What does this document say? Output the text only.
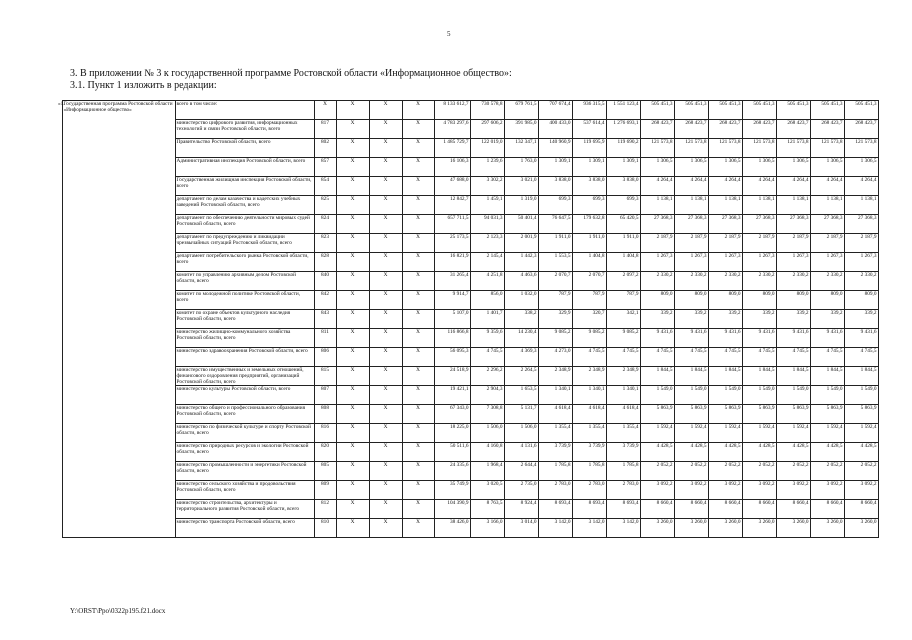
5
3. В приложении № 3 к государственной программе Ростовской области «Информационное общество»:
3.1. Пункт 1 изложить в редакции:
«1.	Государственная программа Ростовской области «Информационное общество»	всего в том числе:	X	X	X	X	8 133 612,7	730 578,8	679 761,5	707 674,4	936 315,5	1 551 123,4	505 451,3	505 451,3	505 451,3	505 451,3	505 451,3	505 451,3	505 451,3
		министерство цифрового развития, информационных технологий и связи Ростовской области, всего	817	X	X	X	4 783 297,6	297 606,2	391 985,0	400 433,0	537 614,4	1 276 693,1	268 423,7	268 423,7	268 423,7	268 423,7	268 423,7	268 423,7	268 423,7
		Правительство Ростовской области, всего	802	X	X	X	1 485 729,7	122 019,0	132 347,1	140 960,9	119 695,9	119 690,2	121 573,8	121 573,8	121 573,8	121 573,8	121 573,8	121 573,8	121 573,8
		Административная инспекция Ростовской области, всего	857	X	X	X	16 106,3	1 239,6	1 763,0	1 309,1	1 309,1	1 309,1	1 306,5	1 306,5	1 306,5	1 306,5	1 306,5	1 306,5	1 306,5
		Государственная жилищная инспекция Ростовской области, всего	854	X	X	X	47 688,0	3 302,2	3 021,0	3 838,0	3 838,0	3 838,0	4 264,4	4 264,4	4 264,4	4 264,4	4 264,4	4 264,4	4 264,4
		департамент по делам казачества и кадетских учебных заведений Ростовской области, всего	825	X	X	X	12 842,7	1 459,1	1 319,0	699,3	699,3	699,3	1 138,1	1 138,1	1 138,1	1 138,1	1 138,1	1 138,1	1 138,1
		департамент по обеспечению деятельности мировых судей Ростовской области, всего	824	X	X	X	657 711,5	94 031,3	50 401,4	76 647,5	179 632,8	65 420,5	27 368,3	27 368,3	27 368,3	27 368,3	27 368,3	27 368,3	27 368,3
		департамент по предупреждению и ликвидации чрезвычайных ситуаций Ростовской области, всего	823	X	X	X	25 173,5	2 123,3	2 001,9	1 911,0	1 911,0	1 911,0	2 187,9	2 187,9	2 187,9	2 187,9	2 187,9	2 187,9	2 187,9
		департамент потребительского рынка Ростовской области, всего	828	X	X	X	16 821,9	2 145,4	1 442,3	1 553,5	1 404,8	1 404,8	1 267,3	1 267,3	1 267,3	1 267,3	1 267,3	1 267,3	1 267,3
		комитет по управлению архивным делом Ростовской области, всего	840	X	X	X	31 265,4	4 251,8	4 463,6	2 070,7	2 070,7	2 097,2	2 330,2	2 330,2	2 330,2	2 330,2	2 330,2	2 330,2	2 330,2
		комитет по молодежной политике Ростовской области, всего	842	X	X	X	9 914,7	856,0	1 032,0	787,9	787,9	787,9	809,0	809,0	809,0	809,0	809,0	809,0	809,0
		комитет по охране объектов культурного наследия Ростовской области, всего	843	X	X	X	5 107,0	1 401,7	338,2	329,9	320,7	342,1	339,2	339,2	339,2	339,2	339,2	339,2	339,2
		министерство жилищно-коммунального хозяйства Ростовской области, всего	811	X	X	X	116 866,8	9 359,6	14 230,4	9 085,2	9 085,2	9 085,2	9 431,6	9 431,6	9 431,6	9 431,6	9 431,6	9 431,6	9 431,6
		министерство здравоохранения Ростовской области, всего	806	X	X	X	56 095,3	4 745,5	4 369,3	4 273,0	4 745,5	4 745,5	4 745,5	4 745,5	4 745,5	4 745,5	4 745,5	4 745,5	4 745,5
		министерство имущественных и земельных отношений, финансового оздоровления предприятий, организаций Ростовской области, всего	815	X	X	X	24 518,9	2 296,2	2 264,5	2 348,9	2 348,9	2 348,9	1 844,5	1 844,5	1 844,5	1 844,5	1 844,5	1 844,5	1 844,5
		министерство культуры Ростовской области, всего	807	X	X	X	19 421,1	2 904,3	1 653,5	1 340,1	1 340,1	1 340,1	1 549,0	1 549,0	1 549,0	1 549,0	1 549,0	1 549,0	1 549,0
		министерство общего и профессионального образования Ростовской области, всего	808	X	X	X	67 343,0	7 308,8	5 131,7	4 618,4	4 618,4	4 618,4	5 863,9	5 863,9	5 863,9	5 863,9	5 863,9	5 863,9	5 863,9
		министерство по физической культуре и спорту Ростовской области, всего	816	X	X	X	18 225,0	1 506,0	1 506,0	1 355,4	1 355,4	1 355,4	1 592,4	1 592,4	1 592,4	1 592,4	1 592,4	1 592,4	1 592,4
		министерство природных ресурсов и экологии Ростовской области, всего	820	X	X	X	50 511,6	4 160,8	4 131,6	3 739,9	3 739,9	3 739,9	4 428,5	4 428,5	4 428,5	4 428,5	4 428,5	4 428,5	4 428,5
		министерство промышленности и энергетики Ростовской области, всего	805	X	X	X	24 335,6	1 968,4	2 644,4	1 785,8	1 785,8	1 785,8	2 052,2	2 052,2	2 052,2	2 052,2	2 052,2	2 052,2	2 052,2
		министерство сельского хозяйства и продовольствия Ростовской области, всего	809	X	X	X	35 749,9	3 020,5	2 735,0	2 783,0	2 783,0	2 783,0	3 092,2	3 092,2	3 092,2	3 092,2	3 092,2	3 092,2	3 092,2
		министерство строительства, архитектуры и территориального развития Ростовской области, всего	812	X	X	X	104 390,9	8 763,5	8 924,4	8 693,4	8 693,4	8 693,4	8 660,4	8 660,4	8 660,4	8 660,4	8 660,4	8 660,4	8 660,4
		министерство транспорта Ростовской области, всего	810	X	X	X	38 426,0	3 166,0	3 014,0	3 142,0	3 142,0	3 142,0	3 260,0	3 260,0	3 260,0	3 260,0	3 260,0	3 260,0	3 260,0
Y:\ORST\Ppo\0322p195.f21.docx
